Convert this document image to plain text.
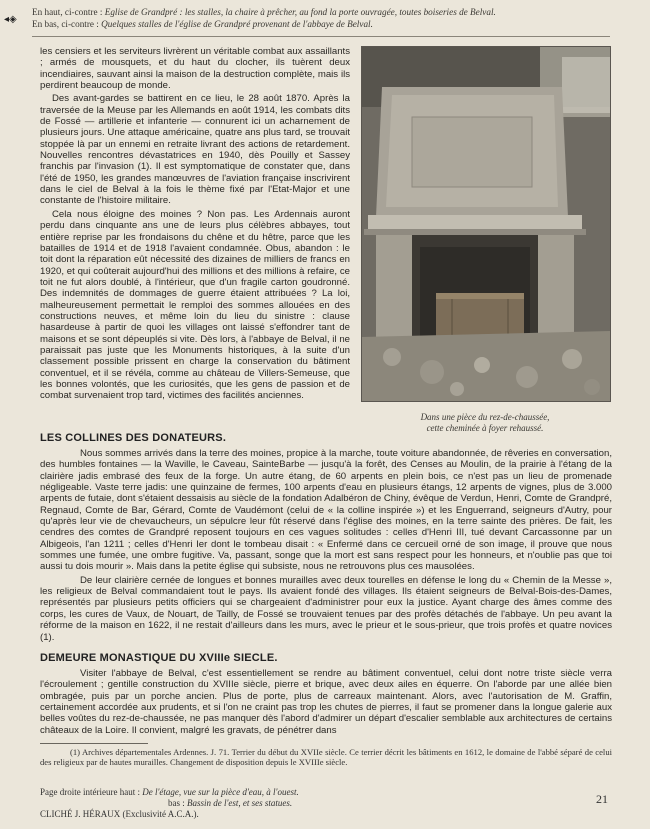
◂◈
En haut, ci-contre : Eglise de Grandpré : les stalles, la chaire à prêcher, au fond la porte ouvragée, toutes boiseries de Belval.
En bas, ci-contre : Quelques stalles de l'église de Grandpré provenant de l'abbaye de Belval.

les censiers et les serviteurs livrèrent un véritable combat aux assaillants ; armés de mousquets, et du haut du clocher, ils tuèrent deux incendiaires, sauvant ainsi la maison de la destruction complète, mais ils perdirent beaucoup de monde.

Des avant-gardes se battirent en ce lieu, le 28 août 1870. Après la traversée de la Meuse par les Allemands en août 1914, les combats dits de Fossé — artillerie et infanterie — connurent ici un acharnement de plusieurs jours. Une attaque américaine, quatre ans plus tard, se trouvait stoppée là par un ennemi en retraite livrant des actions de retardement. Nouvelles rencontres dévastatrices en 1940, dès Pouilly et Sassey franchis par l'invasion (1). Il est symptomatique de constater que, dans l'été de 1950, les grandes manœuvres de l'aviation française inscrivirent dans le ciel de Belval à la fois le thème fixé par l'Etat-Major et une constante de l'histoire militaire.

Cela nous éloigne des moines ? Non pas. Les Ardennais auront perdu dans cinquante ans une de leurs plus célèbres abbayes, tout entière reprise par les frondaisons du chêne et du hêtre, parce que les batailles de 1914 et de 1918 l'avaient condamnée. Obus, abandon : le toit dont la réparation eût nécessité des dizaines de milliers de francs en 1920, et qui coûterait aujourd'hui des millions et des millions à refaire, ce toit ne fut alors doublé, à l'intérieur, que d'un fragile carton goudronné. Des indemnités de dommages de guerre étaient attribuées ? La loi, malheureusement permettait le remploi des sommes allouées en des constructions neuves, et même loin du lieu du sinistre : clause hasardeuse à partir de quoi les villages ont laissé s'effondrer tant de maisons et se sont dépeuplés si vite. Dès lors, à l'abbaye de Belval, il ne paraissait pas juste que les Monuments historiques, à la suite d'un classement possible prissent en charge la conservation du bâtiment conventuel, et il se révéla, comme au château de Villers-Semeuse, que les bonnes volontés, que les curiosités, que les gens de passion et de combat survenaient trop tard, victimes des facilités anciennes.

Dans une pièce du rez-de-chaussée,
cette cheminée à foyer rehaussé.
LES COLLINES DES DONATEURS.

Nous sommes arrivés dans la terre des moines, propice à la marche, toute voiture abandonnée, de rêveries en conversation, des humbles fontaines — la Waville, le Caveau, SainteBarbe — jusqu'à la forêt, des Censes au Moulin, de la prairie à l'étang de la clairière jadis embrasé des feux de la forge. Un autre étang, de 60 arpents en plein bois, ce n'est pas un lieu de promenade négligeable. Vaste terre jadis: une quinzaine de fermes, 100 arpents d'eau en plusieurs étangs, 12 arpents de vignes, plus de 3.000 arpents de futaie, dont s'étaient dessaisis au siècle de la fondation Adalbéron de Chiny, évêque de Verdun, Henri, Comte de Grandpré, Regnaud, Comte de Bar, Gérard, Comte de Vaudémont (celui de « la colline inspirée ») et les Enguerrand, seigneurs d'Autry, pour qu'après leur vie de chevaucheurs, un sépulcre leur fût réservé dans l'église des moines, en la terre sainte des prières. De fait, les cendres des comtes de Grandpré reposent toujours en ces vagues solitudes : celles d'Henri III, tué devant Carcassonne par un Albigeois, l'an 1211 ; celles d'Henri Ier dont le tombeau disait : « Enfermé dans ce cercueil orné de son image, il prouve que nous sommes une fumée, une ombre fugitive. Va, passant, songe que la mort est sans respect pour les honneurs, et n'oublie pas que toi aussi tu dois mourir ». Mais dans la petite église qui subsiste, nous ne retrouvons plus ces mausolées.

De leur clairière cernée de longues et bonnes murailles avec deux tourelles en défense le long du « Chemin de la Messe », les religieux de Belval commandaient tout le pays. Ils avaient fondé des villages. Ils étaient seigneurs de Belval-Bois-des-Dames, représentés par plusieurs petits officiers qui se chargeaient d'administrer pour eux la justice. Ayant charge des âmes comme des corps, les cures de Vaux, de Nouart, de Tailly, de Fossé se trouvaient tenues par des profès détachés de l'abbaye. Un peu avant la réforme de la maison en 1622, il ne restait d'ailleurs dans les murs, avec le prieur et le sous-prieur, que trois profès et quatre novices (1).

DEMEURE MONASTIQUE DU XVIIIe SIECLE.

Visiter l'abbaye de Belval, c'est essentiellement se rendre au bâtiment conventuel, celui dont notre triste siècle verra l'écroulement ; gentille construction du XVIIIe siècle, pierre et brique, avec deux ailes en équerre. On l'aborde par une allée bien ombragée, puis par un porche ancien. Plus de porte, plus de carreaux maintenant. Alors, avec l'autorisation de M. Graffin, certainement accordée aux prudents, et si l'on ne craint pas trop les chutes de pierres, il faut se promener dans la longue galerie aux belles voûtes du rez-de-chaussée, ne pas manquer dès l'abord d'admirer un départ d'escalier semblable aux architectures de certains châteaux de la Loire. Il convient, malgré les gravats, de pénétrer dans

(1) Archives départementales Ardennes. J. 71. Terrier du début du XVIIe siècle. Ce terrier décrit les bâtiments en 1612, le domaine de l'abbé séparé de celui des religieux par de hautes murailles. Changement de disposition depuis le XVIIIe siècle.
Page droite intérieure haut : De l'étage, vue sur la pièce d'eau, à l'ouest.
bas : Bassin de l'est, et ses statues.
CLICHÉ J. HÉRAUX (Exclusivité A.C.A.).
21
